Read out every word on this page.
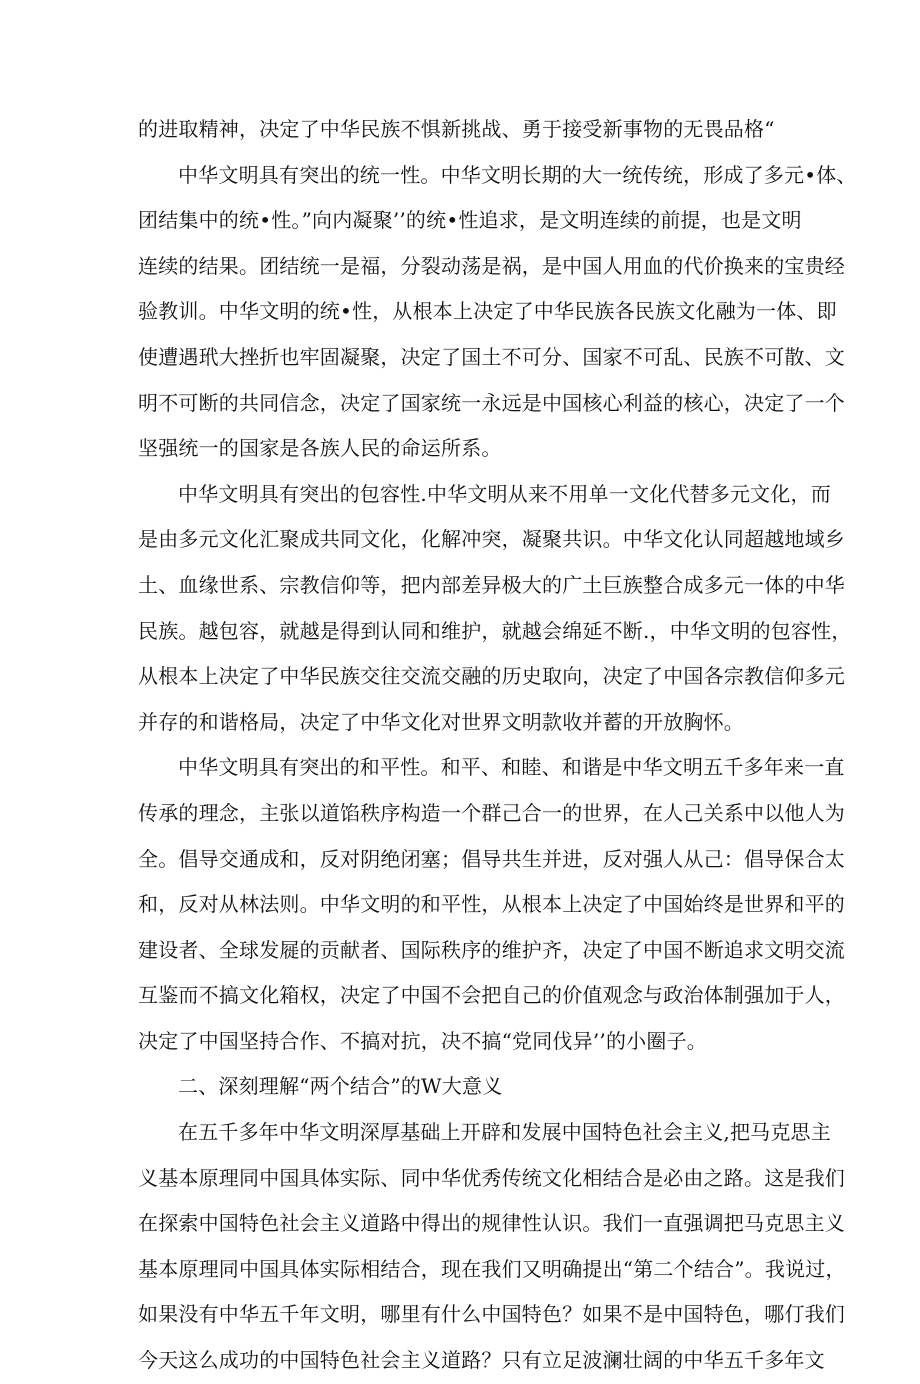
的进取精神，决定了中华民族不惧新挑战、勇于接受新事物的无畏品格“
中华文明具有突出的统一性。中华文明长期的大一统传统，形成了多元•体、
团结集中的统•性。”向内凝聚’’的统•性追求，是文明连续的前提，也是文明
连续的结果。团结统一是福，分裂动荡是祸，是中国人用血的代价换来的宝贵经
验教训。中华文明的统•性，从根本上决定了中华民族各民族文化融为一体、即
使遭遇玳大挫折也牢固凝聚，决定了国土不可分、国家不可乱、民族不可散、文
明不可断的共同信念，决定了国家统一永远是中国核心利益的核心，决定了一个
坚强统一的国家是各族人民的命运所系。
中华文明具有突出的包容性.中华文明从来不用单一文化代替多元文化，而
是由多元文化汇聚成共同文化，化解冲突，凝聚共识。中华文化认同超越地域乡
土、血缘世系、宗教信仰等，把内部差异极大的广土巨族整合成多元一体的中华
民族。越包容，就越是得到认同和维护，就越会绵延不断.，中华文明的包容性，
从根本上决定了中华民族交往交流交融的历史取向，决定了中国各宗教信仰多元
并存的和谐格局，决定了中华文化对世界文明款收并蓄的开放胸怀。
中华文明具有突出的和平性。和平、和睦、和谐是中华文明五千多年来一直
传承的理念，主张以道馅秩序构造一个群己合一的世界，在人己关系中以他人为
全。倡导交通成和，反对阴绝闭塞；倡导共生并进，反对强人从己：倡导保合太
和，反对从林法则。中华文明的和平性，从根本上决定了中国始终是世界和平的
建设者、全球发屣的贡献者、国际秩序的维护齐，决定了中国不断追求文明交流
互鉴而不搞文化箱权，决定了中国不会把自己的价值观念与政治体制强加于人，
决定了中国坚持合作、不搞对抗，决不搞“党同伐异’’的小圈子。
二、深刻理解“两个结合”的W大意义
在五千多年中华文明深厚基础上开辟和发展中国特色社会主义,把马克思主
义基本原理同中国具体实际、同中华优秀传统文化相结合是必由之路。这是我们
在探索中国特色社会主义道路中得出的规律性认识。我们一直强调把马克思主义
基本原理同中国具体实际相结合，现在我们又明确提出“第二个结合”。我说过，
如果没有中华五千年文明，哪里有什么中国特色？如果不是中国特色，哪仃我们
今天这么成功的中国特色社会主义道路？只有立足波澜壮阔的中华五千多年文
